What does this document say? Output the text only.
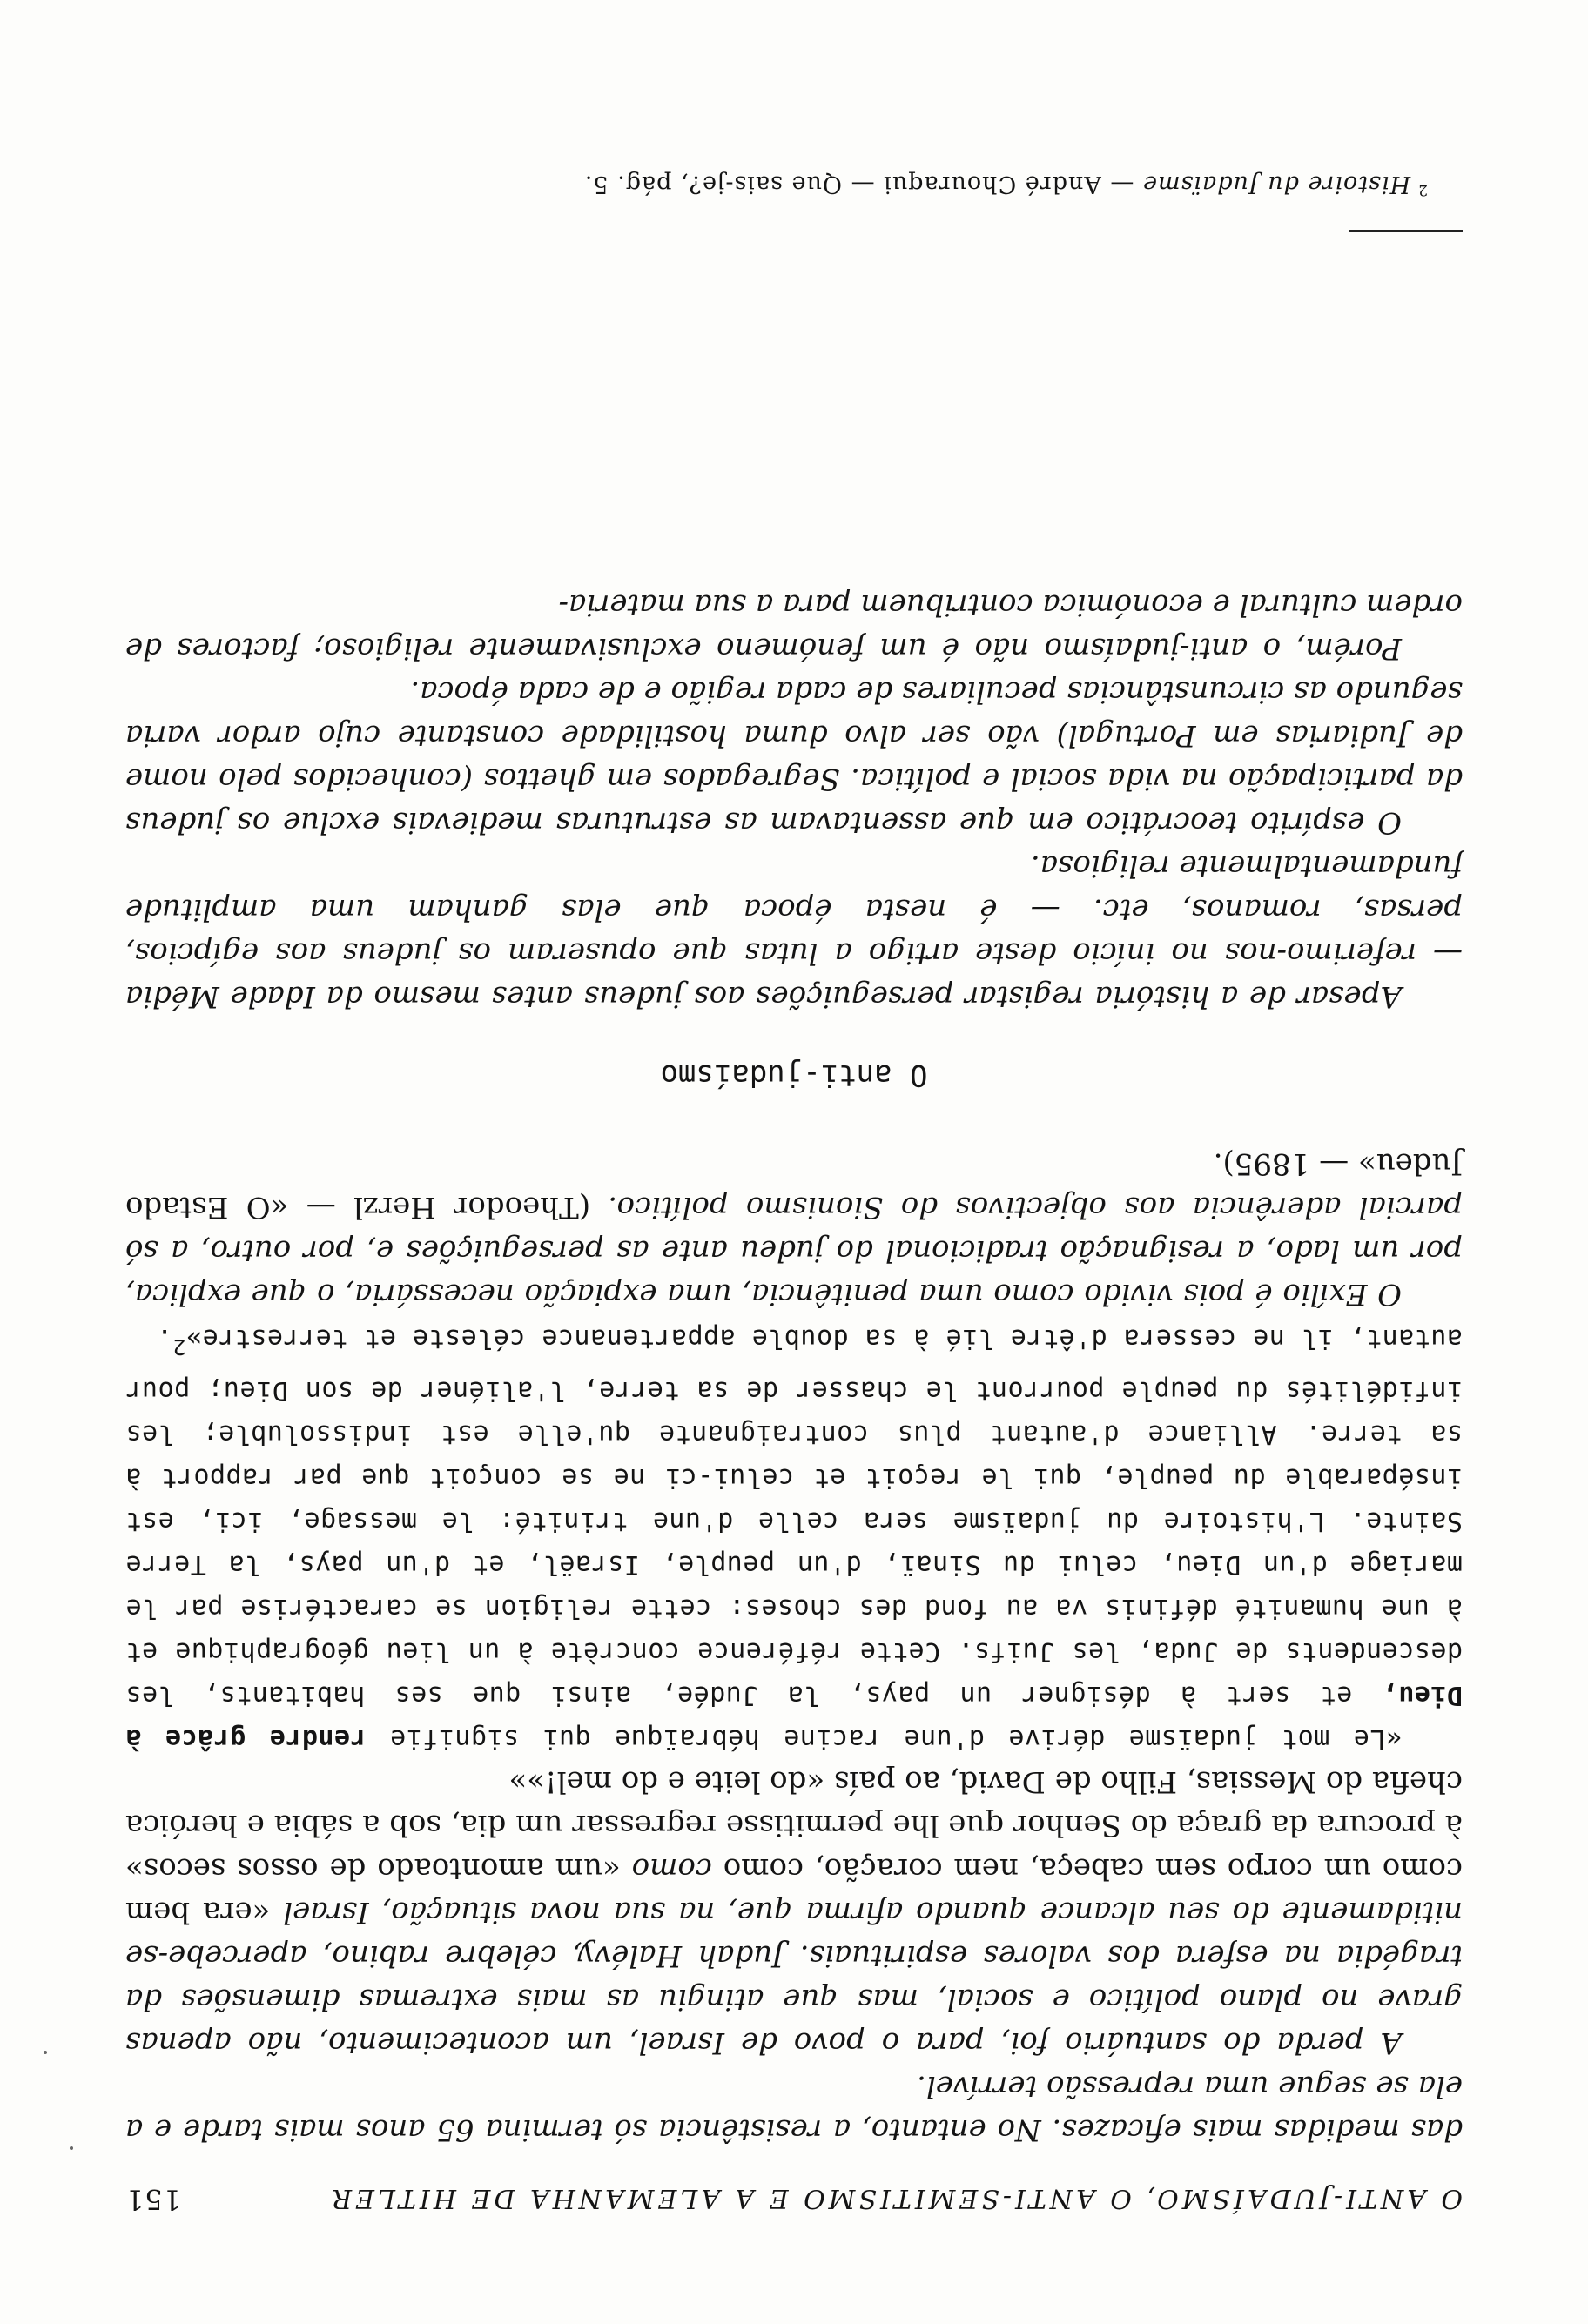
O ANTI-JUDAÍSMO, O ANTI-SEMITISMO E A ALEMANHA DE HITLER
151

das medidas mais eficazes. No entanto, a resistência só termina 65 anos mais tarde e a ela se segue uma repressão terrível.

A perda do santuário foi, para o povo de Israel, um acontecimento, não apenas grave no plano político e social, mas que atingiu as mais extremas dimensões da tragédia na esfera dos valores espirituais. Judah Halévy, célebre rabino, apercebe-se nitidamente do seu alcance quando afirma que, na sua nova situação, Israel «era bem como um corpo sem cabeça, nem coração, como como «um amontoado de ossos secos» à procura da graça do Senhor que lhe permitisse regressar um dia, sob a sábia e heróica chefia do Messias, Filho de David, ao país «do leite e do mel!»»

«Le mot judaïsme dérive d'une racine hébraïque qui signifie rendre grâce à Dieu, et sert à désigner un pays, la Judée, ainsi que ses habitants, les descendents de Juda, les Juifs. Cette référence concrète à un lieu géographique et à une humanité définis va au fond des choses: cette religion se caractérise par le mariage d'un Dieu, celui du Sinaï, d'un peuple, Israël, et d'un pays, la Terre Sainte. L'histoire du judaïsme sera celle d'une trinité: le message, ici, est inséparable du peuple, qui le reçoit et celui-ci ne se conçoit que par rapport à sa terre. Alliance d'autant plus contraignante qu'elle est indissoluble; les infidélités du peuple pourront le chasser de sa terre, l'aliéner de son Dieu; pour autant, il ne cessera d'être lié à sa double appartenance céleste et terrestre»$^2$.

O Exílio é pois vivido como uma penitência, uma expiação necessária, o que explica, por um lado, a resignação tradicional do judeu ante as perseguições e, por outro, a só parcial aderência aos objectivos do Sionismo político. (Theodor Herzl — «O Estado Judeu» — 1895).

O anti-judaísmo

Apesar de a história registar perseguições aos judeus antes mesmo da Idade Média — referimo-nos no início deste artigo a lutas que opuseram os judeus aos egípcios, persas, romanos, etc. — é nesta época que elas ganham uma amplitude fundamentalmente religiosa.

O espírito teocrático em que assentavam as estruturas medievais exclue os judeus da participação na vida social e política. Segregados em ghettos (conhecidos pelo nome de Judiarias em Portugal) vão ser alvo duma hostilidade constante cujo ardor varia segundo as circunstâncias peculiares de cada região e de cada época.

Porém, o anti-judaísmo não é um fenómeno exclusivamente religioso; factores de ordem cultural e económica contribuem para a sua materia-

$^2$Histoire du Judaïsme — André Chouraqui — Que sais-je?, pág. 5.
